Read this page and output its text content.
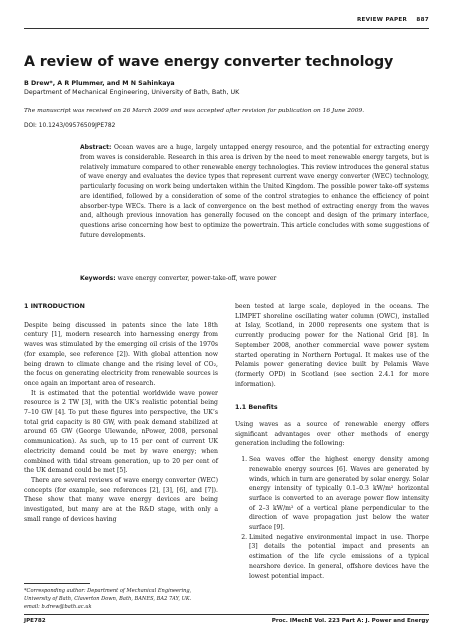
REVIEW PAPER 887
A review of wave energy converter technology
B Drew*, A R Plummer, and M N Sahinkaya
Department of Mechanical Engineering, University of Bath, Bath, UK
The manuscript was received on 26 March 2009 and was accepted after revision for publication on 16 June 2009.
DOI: 10.1243/09576509JPE782

Abstract: Ocean waves are a huge, largely untapped energy resource, and the potential for extracting energy from waves is considerable. Research in this area is driven by the need to meet renewable energy targets, but is relatively immature compared to other renewable energy technologies. This review introduces the general status of wave energy and evaluates the device types that represent current wave energy converter (WEC) technology, particularly focusing on work being undertaken within the United Kingdom. The possible power take-off systems are identified, followed by a consideration of some of the control strategies to enhance the efficiency of point absorber-type WECs. There is a lack of convergence on the best method of extracting energy from the waves and, although previous innovation has generally focused on the concept and design of the primary interface, questions arise concerning how best to optimize the powertrain. This article concludes with some suggestions of future developments.

Keywords: wave energy converter, power-take-off, wave power
1 INTRODUCTION

Despite being discussed in patents since the late 18th century [1], modern research into harnessing energy from waves was stimulated by the emerging oil crisis of the 1970s (for example, see reference [2]). With global attention now being drawn to climate change and the rising level of CO₂, the focus on generating electricity from renewable sources is once again an important area of research.

It is estimated that the potential worldwide wave power resource is 2 TW [3], with the UK’s realistic potential being 7–10 GW [4]. To put these figures into perspective, the UK’s total grid capacity is 80 GW, with peak demand stabilized at around 65 GW (George Ulewande, nPower, 2008, personal communication). As such, up to 15 per cent of current UK electricity demand could be met by wave energy; when combined with tidal stream generation, up to 20 per cent of the UK demand could be met [5].

There are several reviews of wave energy converter (WEC) concepts (for example, see references [2], [3], [6], and [7]). These show that many wave energy devices are being investigated, but many are at the R&D stage, with only a small range of devices having

been tested at large scale, deployed in the oceans. The LIMPET shoreline oscillating water column (OWC), installed at Islay, Scotland, in 2000 represents one system that is currently producing power for the National Grid [8]. In September 2008, another commercial wave power system started operating in Northern Portugal. It makes use of the Pelamis power generating device built by Pelamis Wave (formerly OPD) in Scotland (see section 2.4.1 for more information).

1.1 Benefits

Using waves as a source of renewable energy offers significant advantages over other methods of energy generation including the following:

1. Sea waves offer the highest energy density among renewable energy sources [6]. Waves are generated by winds, which in turn are generated by solar energy. Solar energy intensity of typically 0.1–0.3 kW/m² horizontal surface is converted to an average power flow intensity of 2–3 kW/m² of a vertical plane perpendicular to the direction of wave propagation just below the water surface [9].
2. Limited negative environmental impact in use. Thorpe [3] details the potential impact and presents an estimation of the life cycle emissions of a typical nearshore device. In general, offshore devices have the lowest potential impact.
*Corresponding author: Department of Mechanical Engineering, University of Bath, Claverton Down, Bath, BANES, BA2 7AY, UK.
email: b.drew@bath.ac.uk
JPE782	Proc. IMechE Vol. 223 Part A: J. Power and Energy
